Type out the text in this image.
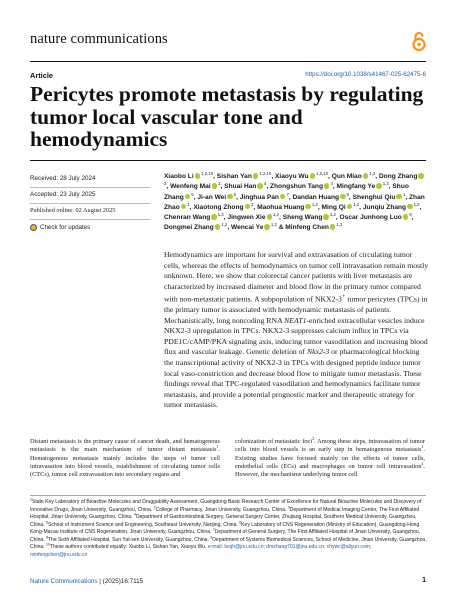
nature communications
Article	https://doi.org/10.1038/s41467-025-62475-6
Pericytes promote metastasis by regulating tumor local vascular tone and hemodynamics
Received: 28 July 2024
Accepted: 23 July 2025
Published online: 02 August 2025
Check for updates
Xiaobo Li $^{1,2,10}$, Sishan Yan $^{1,2,10}$, Xiaoyu Wu $^{1,2,10}$, Qun Miao $^{1,2}$, Dong Zhang$^3$, Wenfeng Mai $^3$, Shuai Han $^4$, Zhongshun Tang $^4$, Mingfang Ye $^{1,2}$, Shuo Zhang $^5$, Ji-an Wei $^6$, Jinghua Pan $^7$, Dandan Huang $^8$, Shenghui Qiu $^1$, Zhan Zhao $^1$, Xiaotong Zhong $^2$, Maohua Huang $^{1,2}$, Ming Qi $^{1,2}$, Junqiu Zhang $^{1,2}$, Chenran Wang $^{1,2}$, Jingwen Xie $^{1,2}$, Sheng Wang $^{1,2}$, Oscar Junhong Luo $^9$, Dongmei Zhang $^{1,2}$, Wencai Ye $^{1,2}$ & Minfeng Chen $^{1,2}$
Hemodynamics are important for survival and extravasation of circulating tumor cells, whereas the effects of hemodynamics on tumor cell intravasation remain mostly unknown. Here, we show that colorectal cancer patients with liver metastasis are characterized by increased diameter and blood flow in the primary tumor compared with non-metastatic patients. A subpopulation of NKX2-3+ tumor pericytes (TPCs) in the primary tumor is associated with hemodynamic metastasis of patients. Mechanistically, long noncoding RNA NEAT1-enriched extracellular vesicles induce NKX2-3 upregulation in TPCs. NKX2-3 suppresses calcium influx in TPCs via PDE1C/cAMP/PKA signaling axis, inducing tumor vasodilation and increasing blood flux and vascular leakage. Genetic deletion of Nkx2-3 or pharmacological blocking the transcriptional activity of NKX2-3 in TPCs with designed peptide induce tumor local vaso-constriction and decrease blood flow to mitigate tumor metastasis. These findings reveal that TPC-regulated vasodilation and hemodynamics facilitate tumor metastasis, and provide a potential prognostic marker and therapeutic strategy for tumor metastasis.
Distant metastasis is the primary cause of cancer death, and hematogenous metastasis is the main mechanism of tumor distant metastasis$^1$. Hematogenous metastasis mainly includes the steps of tumor cell intravasation into blood vessels, establishment of circulating tumor cells (CTCs), tumor cell extravasation into secondary organs and
colonization of metastatic foci$^2$. Among these steps, intravasation of tumor cells into blood vessels is an early step in hematogenous metastasis$^3$. Existing studies have focused mainly on the effects of tumor cells, endothelial cells (ECs) and macrophages on tumor cell intravasation$^4$. However, the mechanisms underlying tumor cell
$^1$State Key Laboratory of Bioactive Molecules and Druggability Assessment, Guangdong Basic Research Center of Excellence for Natural Bioactive Molecules and Discovery of Innovative Drugs, Jinan University, Guangzhou, China. $^2$College of Pharmacy, Jinan University, Guangzhou, China. $^3$Department of Medical Imaging Center, The First Affiliated Hospital, Jinan University, Guangzhou, China. $^4$Department of Gastrointestinal Surgery, General Surgery Center, Zhujiang Hospital, Southern Medical University, Guangzhou, China. $^5$School of Instrument Science and Engineering, Southeast University, Nanjing, China. $^6$Key Laboratory of CNS Regeneration (Ministry of Education), Guangdong-Hong Kong-Macau Institute of CNS Regeneration, Jinan University, Guangzhou, China. $^7$Department of General Surgery, The First Affiliated Hospital of Jinan University, Guangzhou, China. $^8$The Sixth Affiliated Hospital, Sun Yat-sen University, Guangzhou, China. $^9$Department of Systems Biomedical Sciences, School of Medicine, Jinan University, Guangzhou, China. $^{10}$These authors contributed equally: Xiaobo Li, Sishan Yan, Xiaoyu Wu. e-mail: luojh@jnu.edu.cn; dmzhang701@jnu.edu.cn; chywc@aliyun.com; minfengchen@jnu.edu.cn
Nature Communications | (2025)16:7115	1
